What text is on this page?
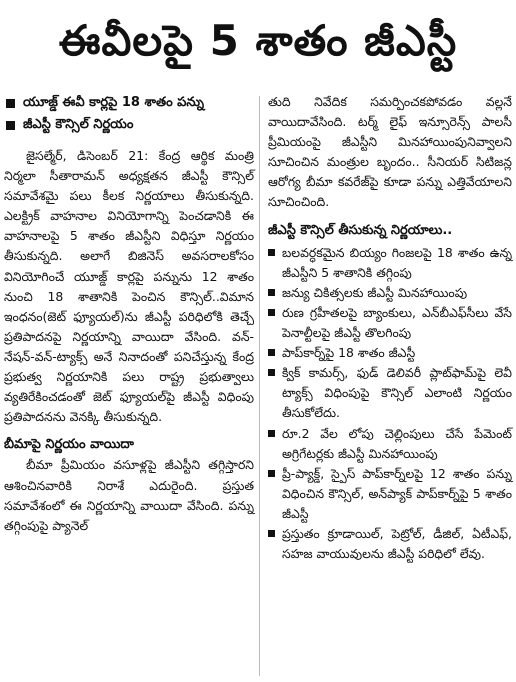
ఈవీలపై 5 శాతం జీఎస్టీ
యూజ్డ్ ఈవీ కార్లపై 18 శాతం పన్ను
జీఎస్టీ కౌన్సిల్ నిర్ణయం

జైసల్మేర్, డిసెంబర్ 21: కేంద్ర ఆర్థిక మంత్రి నిర్మలా సీతారామన్ అధ్యక్షతన జీఎస్టీ కౌన్సిల్ సమావేశమై పలు కీలక నిర్ణయాలు తీసుకున్నది. ఎలక్ట్రిక్ వాహనాల వినియోగాన్ని పెంచడానికి ఈ వాహనాలపై 5 శాతం జీఎస్టీని విధిస్తూ నిర్ణయం తీసుకున్నది. అలాగే బిజినెస్ అవసరాలకోసం వినియోగించే యూజ్డ్ కార్లపై పన్నును 12 శాతం నుంచి 18 శాతానికి పెంచిన కౌన్సిల్..విమాన ఇంధనం(జెట్ ఫ్యూయల్)ను జీఎస్టీ పరిధిలోకి తెచ్చే ప్రతిపాదనపై నిర్ణయాన్ని వాయిదా వేసింది. వన్-నేషన్-వన్-ట్యాక్స్ అనే నినాదంతో పనిచేస్తున్న కేంద్ర ప్రభుత్వ నిర్ణయానికి పలు రాష్ట్ర ప్రభుత్వాలు వ్యతిరేకించడంతో జెట్ ఫ్యూయల్‌పై జీఎస్టీ విధింపు ప్రతిపాదనను వెనక్కి తీసుకున్నది.

బీమాపై నిర్ణయం వాయిదా

బీమా ప్రీమియం వసూళ్లపై జీఎస్టీని తగ్గిస్తారని ఆశించినవారికి నిరాశే ఎదురైంది. ప్రస్తుత సమావేశంలో ఈ నిర్ణయాన్ని వాయిదా వేసింది. పన్ను తగ్గింపుపై ప్యానెల్

తుది నివేదిక సమర్పించకపోవడం వల్లనే వాయిదావేసింది. టర్మ్ లైఫ్ ఇన్సూరెన్స్ పాలసీ ప్రీమియంపై జీఎస్టీని మినహాయింపునివ్వాలని సూచించిన మంత్రుల బృందం.. సీనియర్ సిటిజన్ల ఆరోగ్య బీమా కవరేజ్‌పై కూడా పన్ను ఎత్తివేయాలని సూచించింది.

జీఎస్టీ కౌన్సిల్ తీసుకున్న నిర్ణయాలు..
బలవర్ధకమైన బియ్యం గింజలపై 18 శాతం ఉన్న జీఎస్టీని 5 శాతానికి తగ్గింపు
జన్యు చికిత్సలకు జీఎస్టీ మినహాయింపు
రుణ గ్రహీతలపై బ్యాంకులు, ఎన్‌బీఎఫ్‌సీలు వేసే పెనాల్టీలపై జీఎస్టీ తొలగింపు
పాప్‌కార్న్‌పై 18 శాతం జీఎస్టీ
క్విక్ కామర్స్, ఫుడ్ డెలివరీ ప్లాట్‌ఫామ్‌పై లెవీ ట్యాక్స్ విధింపుపై కౌన్సిల్ ఎలాంటి నిర్ణయం తీసుకోలేదు.
రూ.2 వేల లోపు చెల్లింపులు చేసే పేమెంట్ అగ్రిగేటర్లకు జీఎస్టీ మినహాయింపు
ప్రీ-ప్యాక్డ్, స్పైస్ పాప్‌కార్న్‌లపై 12 శాతం పన్ను విధించిన కౌన్సిల్, అన్‌ప్యాక్ పాప్‌కార్న్‌పై 5 శాతం జీఎస్టీ
ప్రస్తుతం క్రూడాయిల్, పెట్రోల్, డీజిల్, ఏటీఎఫ్, సహజ వాయువులను జీఎస్టీ పరిధిలో లేవు.
